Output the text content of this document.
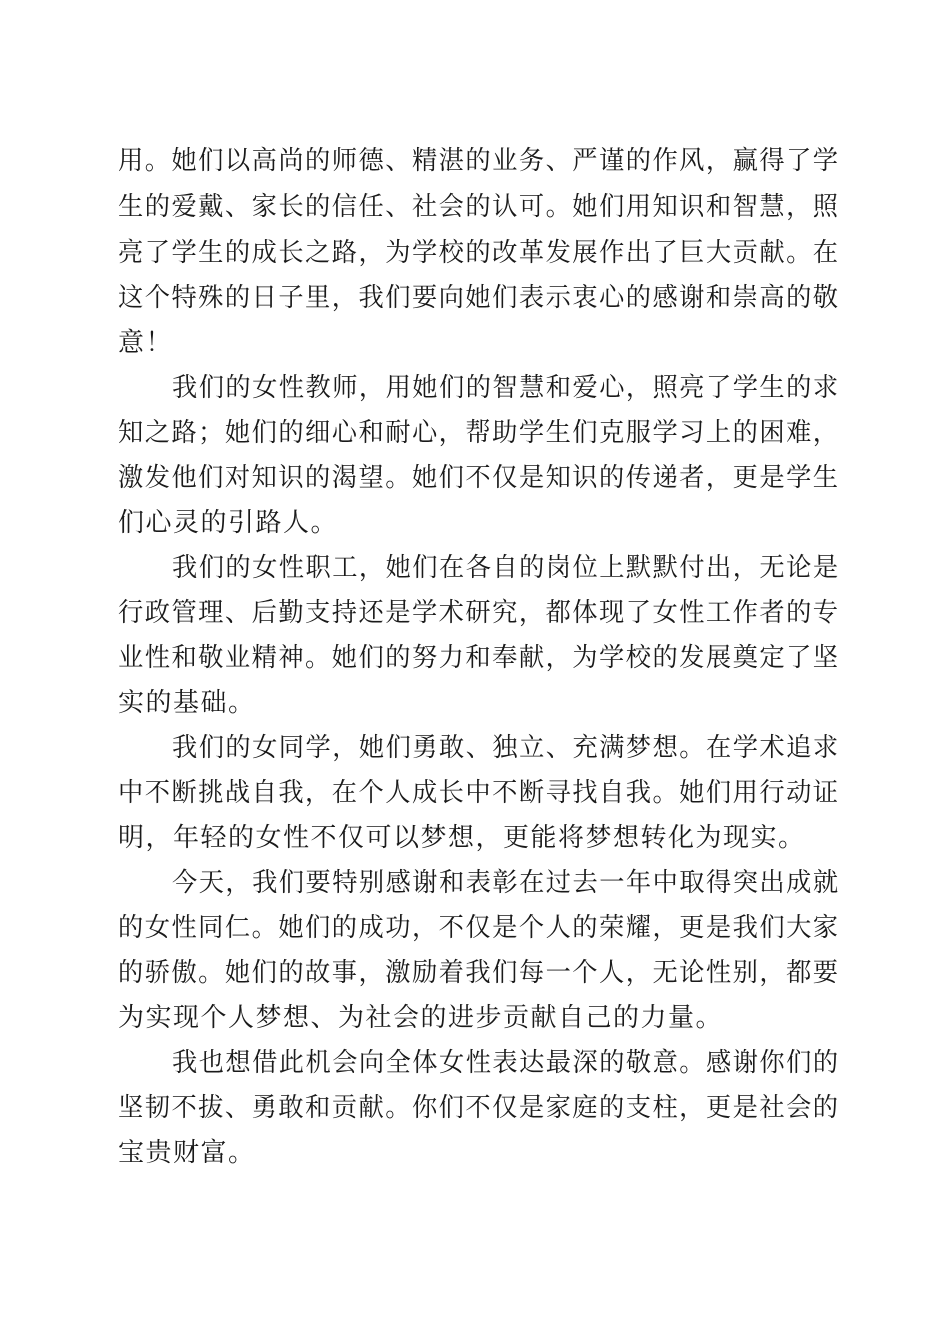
用。她们以高尚的师德、精湛的业务、严谨的作风，赢得了学
生的爱戴、家长的信任、社会的认可。她们用知识和智慧，照
亮了学生的成长之路，为学校的改革发展作出了巨大贡献。在
这个特殊的日子里，我们要向她们表示衷心的感谢和崇高的敬
意！
我们的女性教师，用她们的智慧和爱心，照亮了学生的求
知之路；她们的细心和耐心，帮助学生们克服学习上的困难，
激发他们对知识的渴望。她们不仅是知识的传递者，更是学生
们心灵的引路人。
我们的女性职工，她们在各自的岗位上默默付出，无论是
行政管理、后勤支持还是学术研究，都体现了女性工作者的专
业性和敬业精神。她们的努力和奉献，为学校的发展奠定了坚
实的基础。
我们的女同学，她们勇敢、独立、充满梦想。在学术追求
中不断挑战自我，在个人成长中不断寻找自我。她们用行动证
明，年轻的女性不仅可以梦想，更能将梦想转化为现实。
今天，我们要特别感谢和表彰在过去一年中取得突出成就
的女性同仁。她们的成功，不仅是个人的荣耀，更是我们大家
的骄傲。她们的故事，激励着我们每一个人，无论性别，都要
为实现个人梦想、为社会的进步贡献自己的力量。
我也想借此机会向全体女性表达最深的敬意。感谢你们的
坚韧不拔、勇敢和贡献。你们不仅是家庭的支柱，更是社会的
宝贵财富。
